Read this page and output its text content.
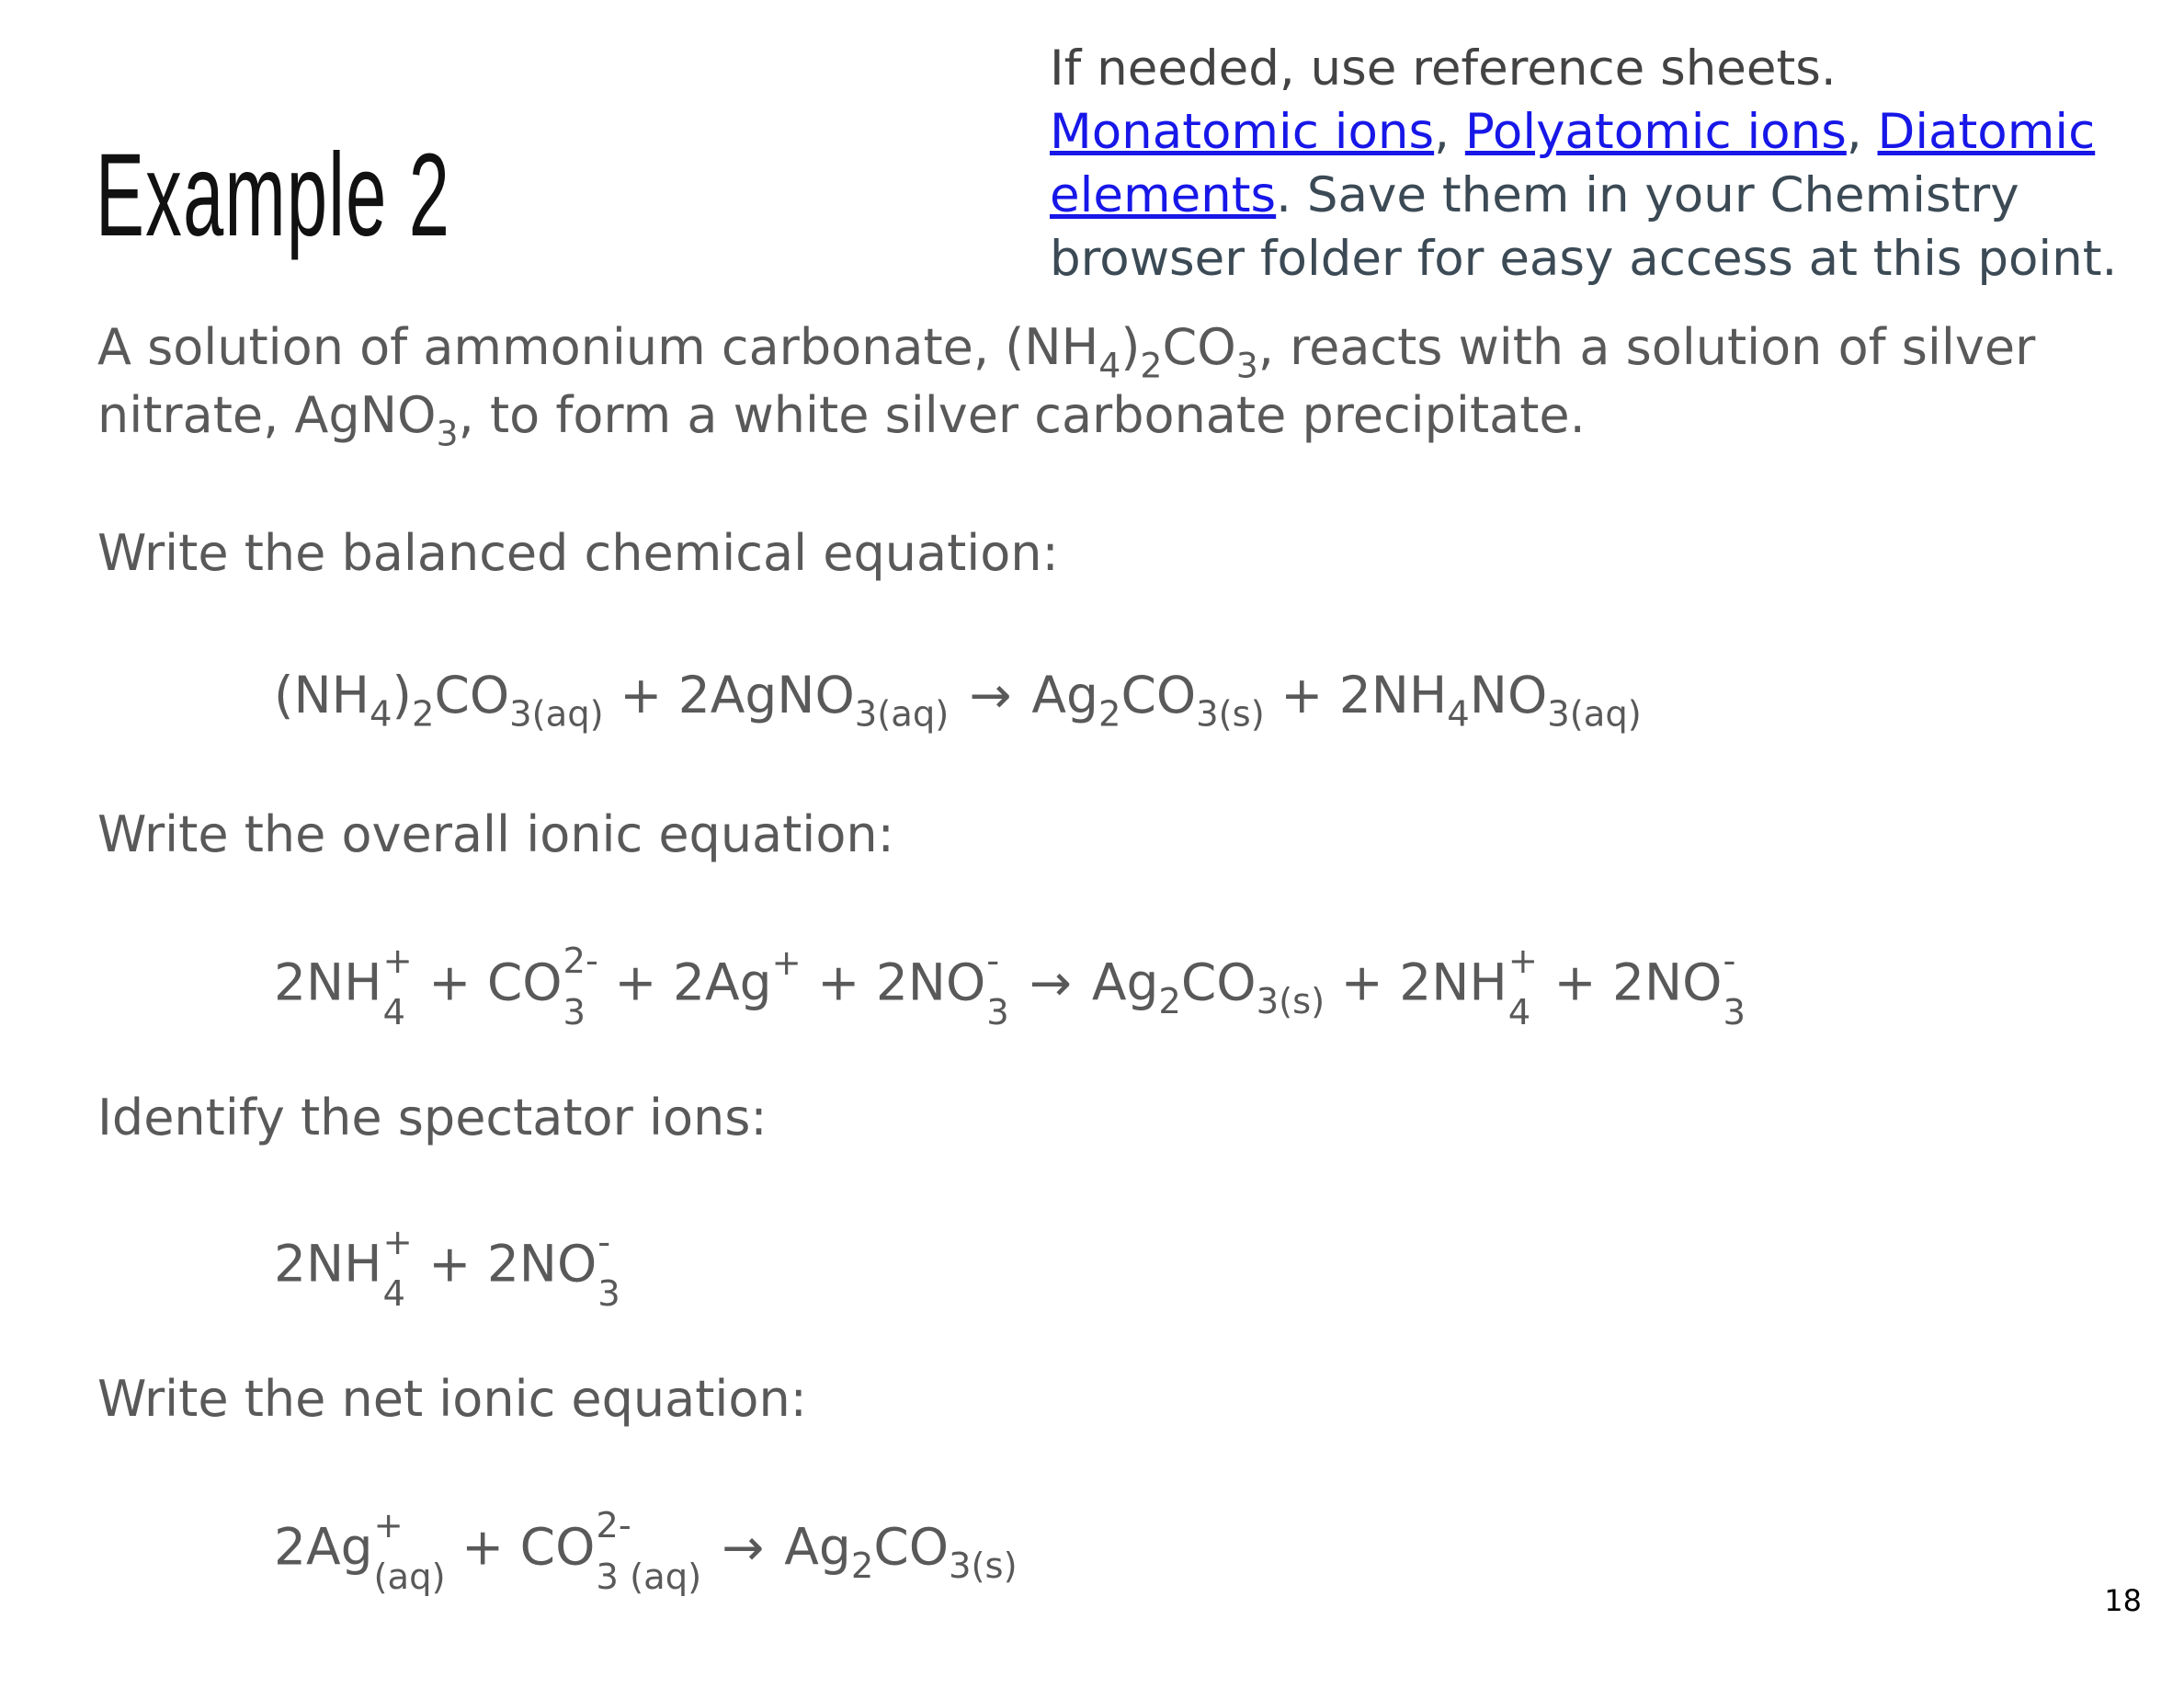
Example 2
If needed, use reference sheets.
Monatomic ions, Polyatomic ions, Diatomic elements. Save them in your Chemistry browser folder for easy access at this point.
A solution of ammonium carbonate, $(NH_4)_2CO_3$, reacts with a solution of silver
nitrate, AgNO$_3$, to form a white silver carbonate precipitate.
Write the balanced chemical equation:
$(NH_4)_2CO_{3(aq)}$ + 2AgNO$_{3(aq)}$ → $Ag_2CO_{3(s)} + 2NH_4NO_{3(aq)}$
Write the overall ionic equation:
2NH +
4
+ CO 2-
3
+ 2Ag+ + 2NO -
3
→ $Ag_2CO_{3(s)} + 2NH$ +
4
+ 2NO -
3
Identify the spectator ions:
2NH +
4
+ 2NO -
3
Write the net ionic equation:
2Ag +
(aq)
+ CO 2-
3 (aq)
→ $Ag_2CO_{3(s)}$
18
